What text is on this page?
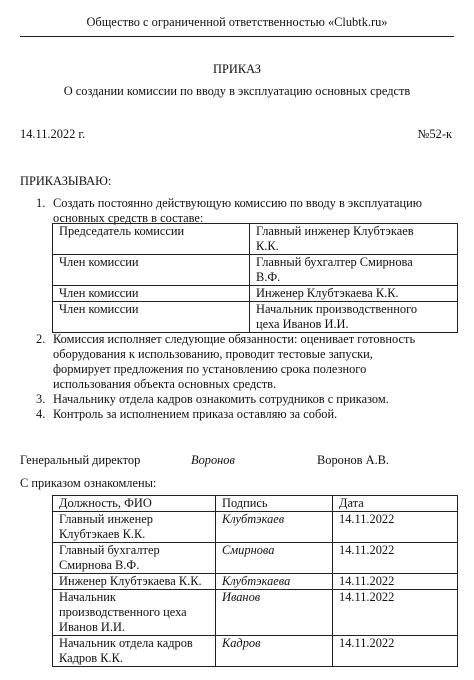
Общество с ограниченной ответственностью «Clubtk.ru»
ПРИКАЗ
О создании комиссии по вводу в эксплуатацию основных средств
14.11.2022 г.	№52-к
ПРИКАЗЫВАЮ:
1. Создать постоянно действующую комиссию по вводу в эксплуатацию
основных средств в составе:
Председатель комиссии	Главный инженер Клубтэкаев
К.К.
Член комиссии	Главный бухгалтер Смирнова
В.Ф.
Член комиссии	Инженер Клубтэкаева К.К.
Член комиссии	Начальник производственного
цеха Иванов И.И.
2. Комиссия исполняет следующие обязанности: оценивает готовность
оборудования к использованию, проводит тестовые запуски,
формирует предложения по установлению срока полезного
использования объекта основных средств.
3. Начальнику отдела кадров ознакомить сотрудников с приказом.
4. Контроль за исполнением приказа оставляю за собой.
Генеральный директор	Воронов	Воронов А.В.
С приказом ознакомлены:
Должность, ФИО	Подпись	Дата
Главный инженер
Клубтэкаев К.К.	Клубтэкаев	14.11.2022
Главный бухгалтер
Смирнова В.Ф.	Смирнова	14.11.2022
Инженер Клубтэкаева К.К.	Клубтэкаева	14.11.2022
Начальник
производственного цеха
Иванов И.И.	Иванов	14.11.2022
Начальник отдела кадров
Кадров К.К.	Кадров	14.11.2022
